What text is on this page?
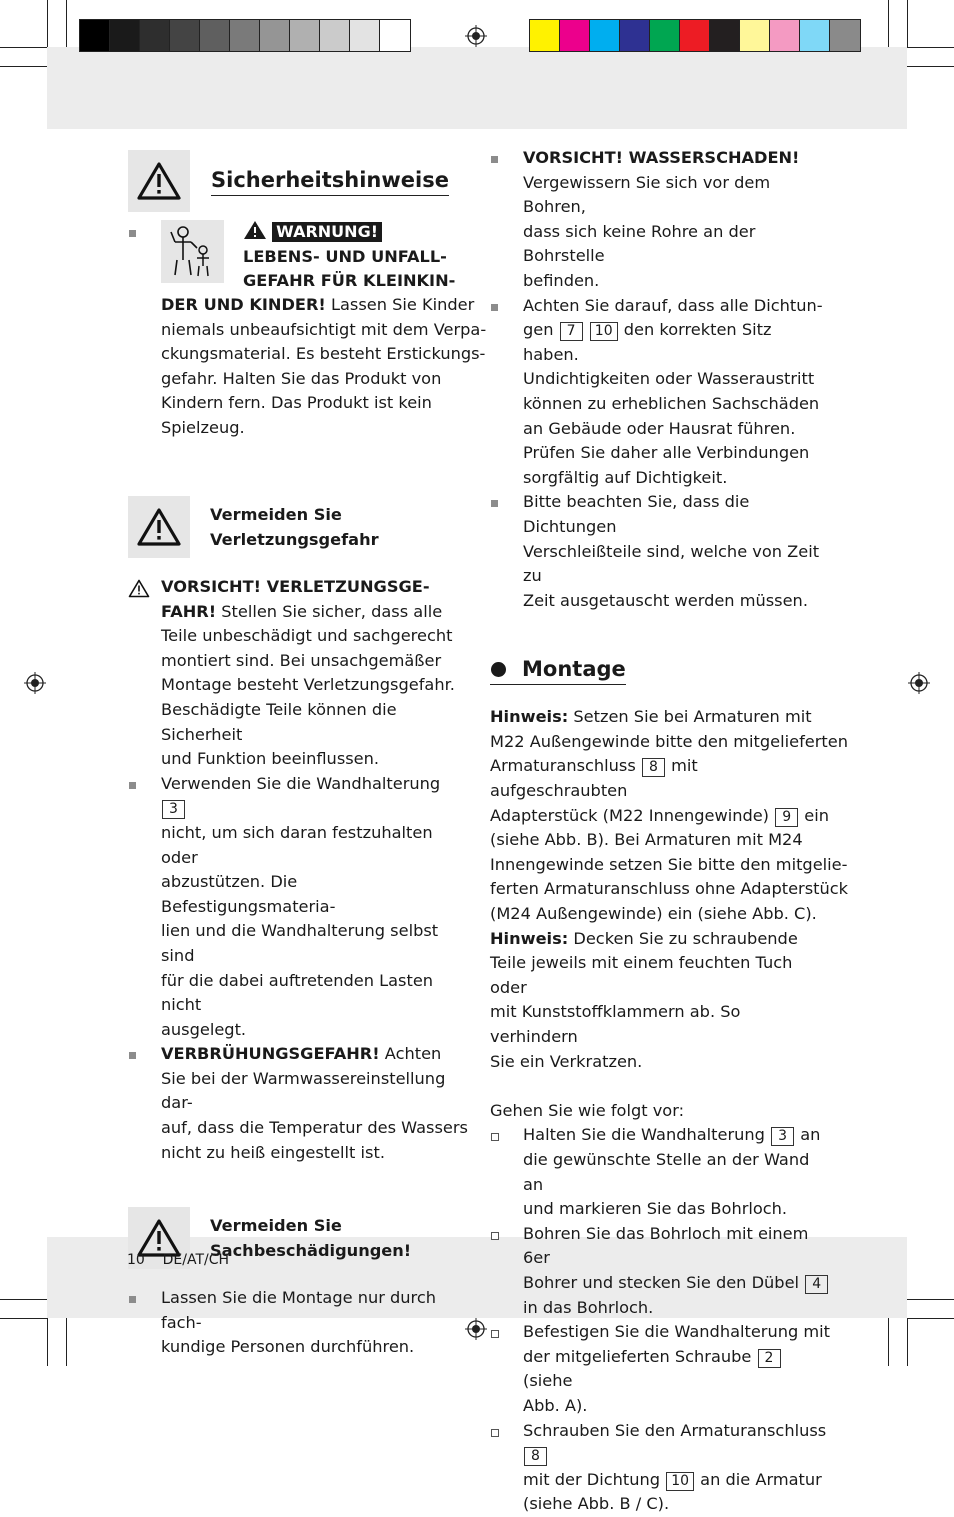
Sicherheitshinweise
WARNUNG!
LEBENS- UND UNFALL-
GEFAHR FÜR KLEINKIN-
DER UND KINDER! Lassen Sie Kinder
niemals unbeaufsichtigt mit dem Verpa-
ckungsmaterial. Es besteht Erstickungs-
gefahr. Halten Sie das Produkt von
Kindern fern. Das Produkt ist kein
Spielzeug.
Vermeiden Sie
Verletzungsgefahr
VORSICHT! VERLETZUNGSGE-
FAHR! Stellen Sie sicher, dass alle
Teile unbeschädigt und sachgerecht
montiert sind. Bei unsachgemäßer
Montage besteht Verletzungsgefahr.
Beschädigte Teile können die Sicherheit
und Funktion beeinflussen.
Verwenden Sie die Wandhalterung 3
nicht, um sich daran festzuhalten oder
abzustützen. Die Befestigungsmateria-
lien und die Wandhalterung selbst sind
für die dabei auftretenden Lasten nicht
ausgelegt.
VERBRÜHUNGSGEFAHR! Achten
Sie bei der Warmwassereinstellung dar-
auf, dass die Temperatur des Wassers
nicht zu heiß eingestellt ist.
Vermeiden Sie
Sachbeschädigungen!
Lassen Sie die Montage nur durch fach-
kundige Personen durchführen.
VORSICHT! WASSERSCHADEN!
Vergewissern Sie sich vor dem Bohren,
dass sich keine Rohre an der Bohrstelle
befinden.
Achten Sie darauf, dass alle Dichtun-
gen 7 10 den korrekten Sitz haben.
Undichtigkeiten oder Wasseraustritt
können zu erheblichen Sachschäden
an Gebäude oder Hausrat führen.
Prüfen Sie daher alle Verbindungen
sorgfältig auf Dichtigkeit.
Bitte beachten Sie, dass die Dichtungen
Verschleißteile sind, welche von Zeit zu
Zeit ausgetauscht werden müssen.
Montage
Hinweis: Setzen Sie bei Armaturen mit
M22 Außengewinde bitte den mitgelieferten
Armaturanschluss 8 mit aufgeschraubten
Adapterstück (M22 Innengewinde) 9 ein
(siehe Abb. B). Bei Armaturen mit M24
Innengewinde setzen Sie bitte den mitgelie-
ferten Armaturanschluss ohne Adapterstück
(M24 Außengewinde) ein (siehe Abb. C).
Hinweis: Decken Sie zu schraubende
Teile jeweils mit einem feuchten Tuch oder
mit Kunststoffklammern ab. So verhindern
Sie ein Verkratzen.
Gehen Sie wie folgt vor:
Halten Sie die Wandhalterung 3 an
die gewünschte Stelle an der Wand an
und markieren Sie das Bohrloch.
Bohren Sie das Bohrloch mit einem 6er
Bohrer und stecken Sie den Dübel 4
in das Bohrloch.
Befestigen Sie die Wandhalterung mit
der mitgelieferten Schraube 2 (siehe
Abb. A).
Schrauben Sie den Armaturanschluss 8
mit der Dichtung 10 an die Armatur
(siehe Abb. B / C).
10 DE/AT/CH
